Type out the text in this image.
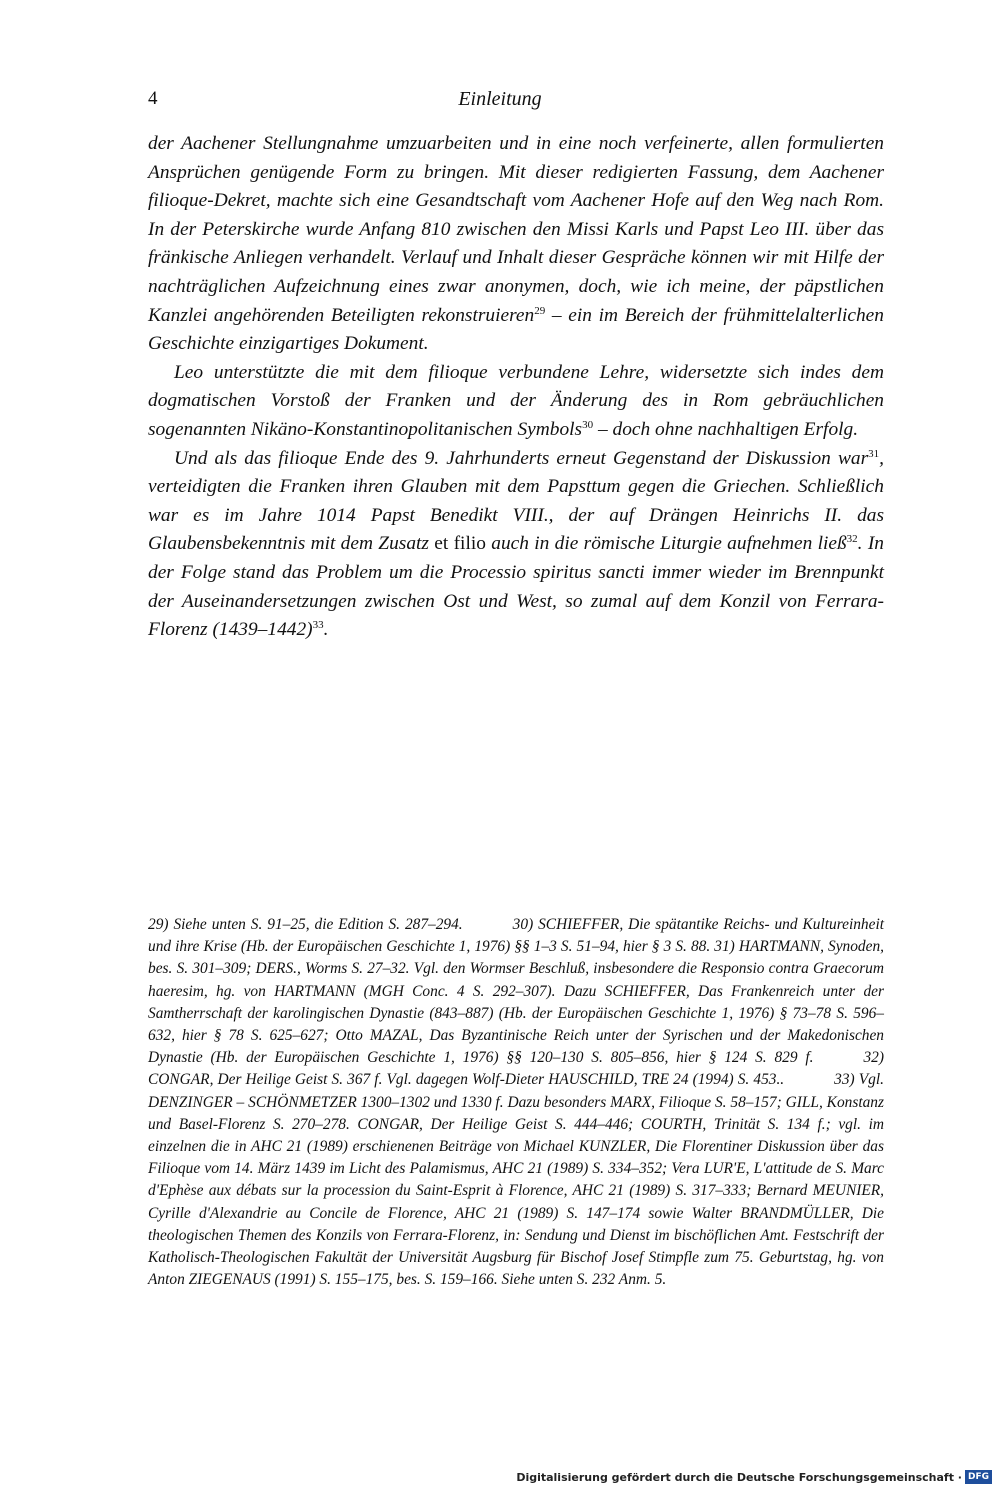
4	Einleitung

der Aachener Stellungnahme umzuarbeiten und in eine noch verfeinerte, allen formulierten Ansprüchen genügende Form zu bringen. Mit dieser redigierten Fassung, dem Aachener filioque-Dekret, machte sich eine Gesandtschaft vom Aachener Hofe auf den Weg nach Rom. In der Peterskirche wurde Anfang 810 zwischen den Missi Karls und Papst Leo III. über das fränkische Anliegen verhandelt. Verlauf und Inhalt dieser Gespräche können wir mit Hilfe der nachträglichen Aufzeichnung eines zwar anonymen, doch, wie ich meine, der päpstlichen Kanzlei angehörenden Beteiligten rekonstruieren$^{29}$ – ein im Bereich der frühmittelalterlichen Geschichte einzigartiges Dokument.

Leo unterstützte die mit dem filioque verbundene Lehre, widersetzte sich indes dem dogmatischen Vorstoß der Franken und der Änderung des in Rom gebräuchlichen sogenannten Nikäno-Konstantinopolitanischen Symbols$^{30}$ – doch ohne nachhaltigen Erfolg.

Und als das filioque Ende des 9. Jahrhunderts erneut Gegenstand der Diskussion war$^{31}$, verteidigten die Franken ihren Glauben mit dem Papsttum gegen die Griechen. Schließlich war es im Jahre 1014 Papst Benedikt VIII., der auf Drängen Heinrichs II. das Glaubensbekenntnis mit dem Zusatz et filio auch in die römische Liturgie aufnehmen ließ$^{32}$. In der Folge stand das Problem um die Processio spiritus sancti immer wieder im Brennpunkt der Auseinandersetzungen zwischen Ost und West, so zumal auf dem Konzil von Ferrara-Florenz (1439–1442)$^{33}$.

29) Siehe unten S. 91–25, die Edition S. 287–294.	30) SCHIEFFER, Die spätantike Reichs- und Kultureinheit und ihre Krise (Hb. der Europäischen Geschichte 1, 1976) §§ 1–3 S. 51–94, hier § 3 S. 88. 31) HARTMANN, Synoden, bes. S. 301–309; DERS., Worms S. 27–32. Vgl. den Wormser Beschluß, insbesondere die Responsio contra Graecorum haeresim, hg. von HARTMANN (MGH Conc. 4 S. 292–307). Dazu SCHIEFFER, Das Frankenreich unter der Samtherrschaft der karolingischen Dynastie (843–887) (Hb. der Europäischen Geschichte 1, 1976) § 73–78 S. 596–632, hier § 78 S. 625–627; Otto MAZAL, Das Byzantinische Reich unter der Syrischen und der Makedonischen Dynastie (Hb. der Europäischen Geschichte 1, 1976) §§ 120–130 S. 805–856, hier § 124 S. 829 f.	32) CONGAR, Der Heilige Geist S. 367 f. Vgl. dagegen Wolf-Dieter HAUSCHILD, TRE 24 (1994) S. 453..	33) Vgl. DENZINGER – SCHÖNMETZER 1300–1302 und 1330 f. Dazu besonders MARX, Filioque S. 58–157; GILL, Konstanz und Basel-Florenz S. 270–278. CONGAR, Der Heilige Geist S. 444–446; COURTH, Trinität S. 134 f.; vgl. im einzelnen die in AHC 21 (1989) erschienenen Beiträge von Michael KUNZLER, Die Florentiner Diskussion über das Filioque vom 14. März 1439 im Licht des Palamismus, AHC 21 (1989) S. 334–352; Vera LUR'E, L'attitude de S. Marc d'Ephèse aux débats sur la procession du Saint-Esprit à Florence, AHC 21 (1989) S. 317–333; Bernard MEUNIER, Cyrille d'Alexandrie au Concile de Florence, AHC 21 (1989) S. 147–174 sowie Walter BRANDMÜLLER, Die theologischen Themen des Konzils von Ferrara-Florenz, in: Sendung und Dienst im bischöflichen Amt. Festschrift der Katholisch-Theologischen Fakultät der Universität Augsburg für Bischof Josef Stimpfle zum 75. Geburtstag, hg. von Anton ZIEGENAUS (1991) S. 155–175, bes. S. 159–166. Siehe unten S. 232 Anm. 5.
Digitalisierung gefördert durch die Deutsche Forschungsgemeinschaft · DFG
